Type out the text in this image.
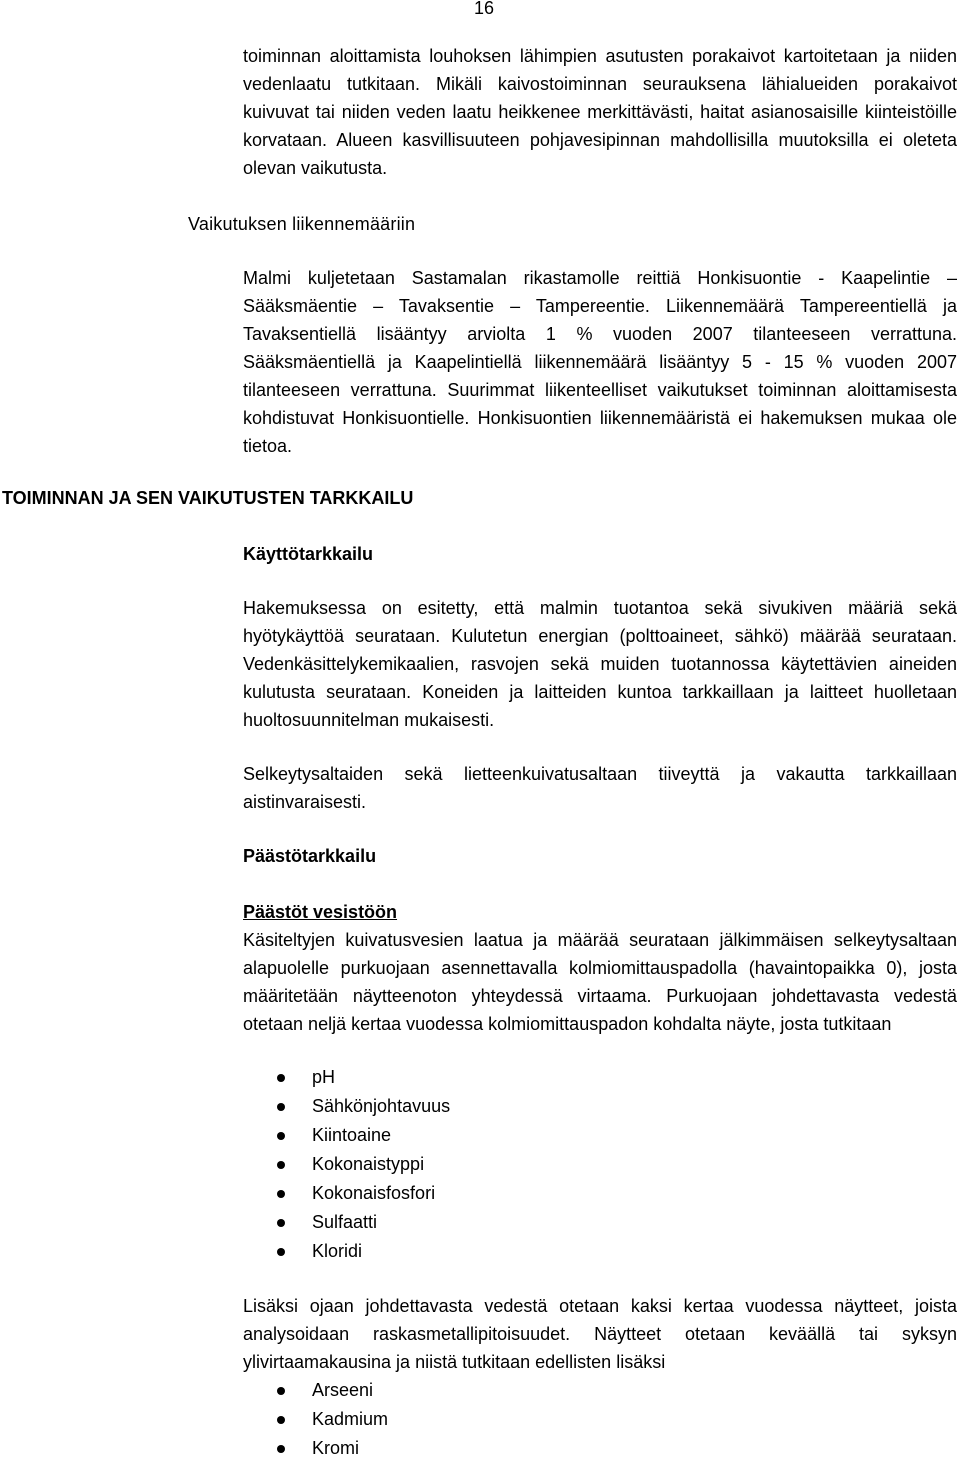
16

toiminnan aloittamista louhoksen lähimpien asutusten porakaivot kartoitetaan ja niiden vedenlaatu tutkitaan. Mikäli kaivostoiminnan seurauksena lähialueiden porakaivot kuivuvat tai niiden veden laatu heikkenee merkittävästi, haitat asianosaisille kiinteistöille korvataan. Alueen kasvillisuuteen pohjavesipinnan mahdollisilla muutoksilla ei oleteta olevan vaikutusta.

Vaikutuksen liikennemääriin

Malmi kuljetetaan Sastamalan rikastamolle reittiä Honkisuontie - Kaapelintie – Sääksmäentie – Tavaksentie – Tampereentie. Liikennemäärä Tampereentiellä ja Tavaksentiellä lisääntyy arviolta 1 % vuoden 2007 tilanteeseen verrattuna. Sääksmäentiellä ja Kaapelintiellä liikennemäärä lisääntyy 5 - 15 % vuoden 2007 tilanteeseen verrattuna. Suurimmat liikenteelliset vaikutukset toiminnan aloittamisesta kohdistuvat Honkisuontielle. Honkisuontien liikennemääristä ei hakemuksen mukaa ole tietoa.

TOIMINNAN JA SEN VAIKUTUSTEN TARKKAILU
Käyttötarkkailu

Hakemuksessa on esitetty, että malmin tuotantoa sekä sivukiven määriä sekä hyötykäyttöä seurataan. Kulutetun energian (polttoaineet, sähkö) määrää seurataan. Vedenkäsittelykemikaalien, rasvojen sekä muiden tuotannossa käytettävien aineiden kulutusta seurataan. Koneiden ja laitteiden kuntoa tarkkaillaan ja laitteet huolletaan huoltosuunnitelman mukaisesti.

Selkeytysaltaiden sekä lietteenkuivatusaltaan tiiveyttä ja vakautta tarkkaillaan aistinvaraisesti.

Päästötarkkailu
Päästöt vesistöön

Käsiteltyjen kuivatusvesien laatua ja määrää seurataan jälkimmäisen selkeytysaltaan alapuolelle purkuojaan asennettavalla kolmiomittauspadolla (havaintopaikka 0), josta määritetään näytteenoton yhteydessä virtaama. Purkuojaan johdettavasta vedestä otetaan neljä kertaa vuodessa kolmiomittauspadon kohdalta näyte, josta tutkitaan

pH
Sähkönjohtavuus
Kiintoaine
Kokonaistyppi
Kokonaisfosfori
Sulfaatti
Kloridi

Lisäksi ojaan johdettavasta vedestä otetaan kaksi kertaa vuodessa näytteet, joista analysoidaan raskasmetallipitoisuudet. Näytteet otetaan keväällä tai syksyn ylivirtaamakausina ja niistä tutkitaan edellisten lisäksi

Arseeni
Kadmium
Kromi
